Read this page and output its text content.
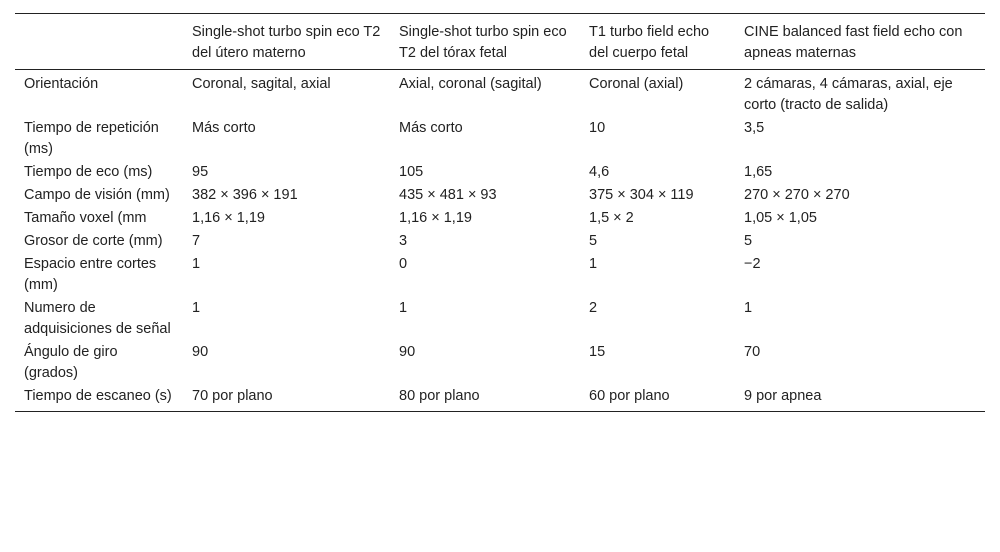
	Single-shot turbo spin eco T2 del útero materno	Single-shot turbo spin eco T2 del tórax fetal	T1 turbo field echo del cuerpo fetal	CINE balanced fast field echo con apneas maternas
Orientación	Coronal, sagital, axial	Axial, coronal (sagital)	Coronal (axial)	2 cámaras, 4 cámaras, axial, eje corto (tracto de salida)
Tiempo de repetición (ms)	Más corto	Más corto	10	3,5
Tiempo de eco (ms)	95	105	4,6	1,65
Campo de visión (mm)	382 × 396 × 191	435 × 481 × 93	375 × 304 × 119	270 × 270 × 270
Tamaño voxel (mm	1,16 × 1,19	1,16 × 1,19	1,5 × 2	1,05 × 1,05
Grosor de corte (mm)	7	3	5	5
Espacio entre cortes (mm)	1	0	1	−2
Numero de adquisiciones de señal	1	1	2	1
Ángulo de giro (grados)	90	90	15	70
Tiempo de escaneo (s)	70 por plano	80 por plano	60 por plano	9 por apnea
